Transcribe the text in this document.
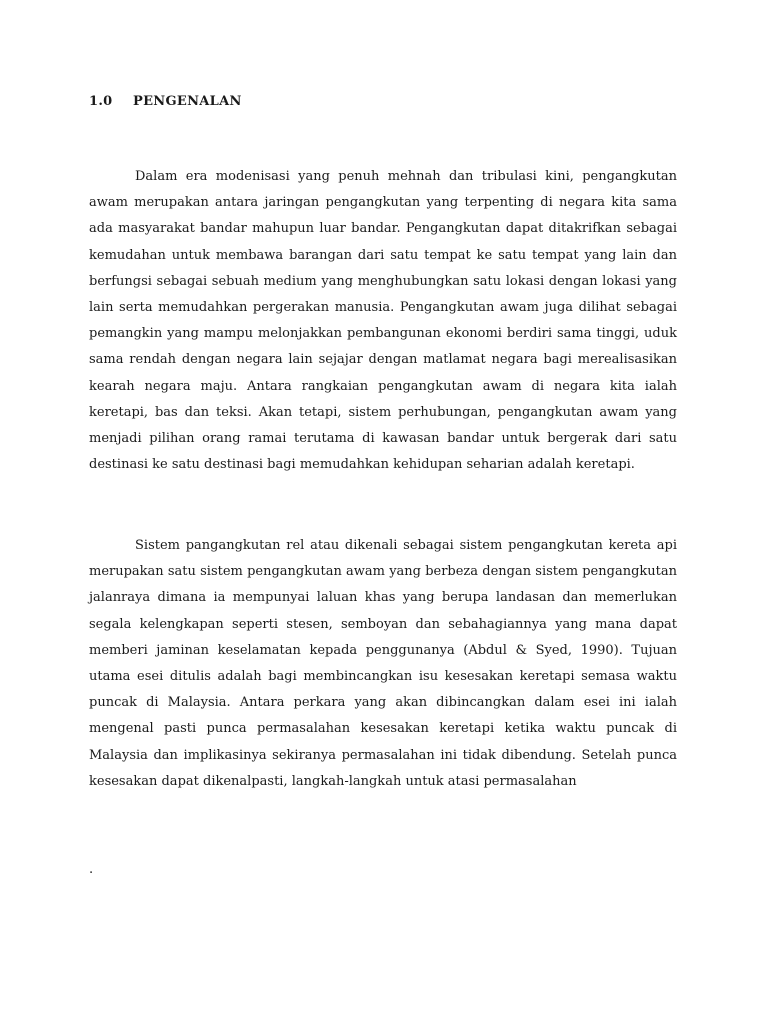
1.0	PENGENALAN

Dalam era modenisasi yang penuh mehnah dan tribulasi kini, pengangkutan awam merupakan antara jaringan pengangkutan yang terpenting di negara kita sama ada masyarakat bandar mahupun luar bandar. Pengangkutan dapat ditakrifkan sebagai kemudahan untuk membawa barangan dari satu tempat ke satu tempat yang lain dan berfungsi sebagai sebuah medium yang menghubungkan satu lokasi dengan lokasi yang lain serta memudahkan pergerakan manusia. Pengangkutan awam juga dilihat sebagai pemangkin yang mampu melonjakkan pembangunan ekonomi berdiri sama tinggi, uduk sama rendah dengan negara lain sejajar dengan matlamat negara bagi merealisasikan kearah negara maju. Antara rangkaian pengangkutan awam di negara kita ialah keretapi, bas dan teksi. Akan tetapi, sistem perhubungan, pengangkutan awam yang menjadi pilihan orang ramai terutama di kawasan bandar untuk bergerak dari satu destinasi ke satu destinasi bagi memudahkan kehidupan seharian adalah keretapi.

Sistem pangangkutan rel atau dikenali sebagai sistem pengangkutan kereta api merupakan satu sistem pengangkutan awam yang berbeza dengan sistem pengangkutan jalanraya dimana ia mempunyai laluan khas yang berupa landasan dan memerlukan segala kelengkapan seperti stesen, semboyan dan sebahagiannya yang mana dapat memberi jaminan keselamatan kepada penggunanya (Abdul & Syed, 1990). Tujuan utama esei ditulis adalah bagi membincangkan isu kesesakan keretapi semasa waktu puncak di Malaysia. Antara perkara yang akan dibincangkan dalam esei ini ialah mengenal pasti punca permasalahan kesesakan keretapi ketika waktu puncak di Malaysia dan implikasinya sekiranya permasalahan ini tidak dibendung. Setelah punca kesesakan dapat dikenalpasti, langkah-langkah untuk atasi permasalahan

.
